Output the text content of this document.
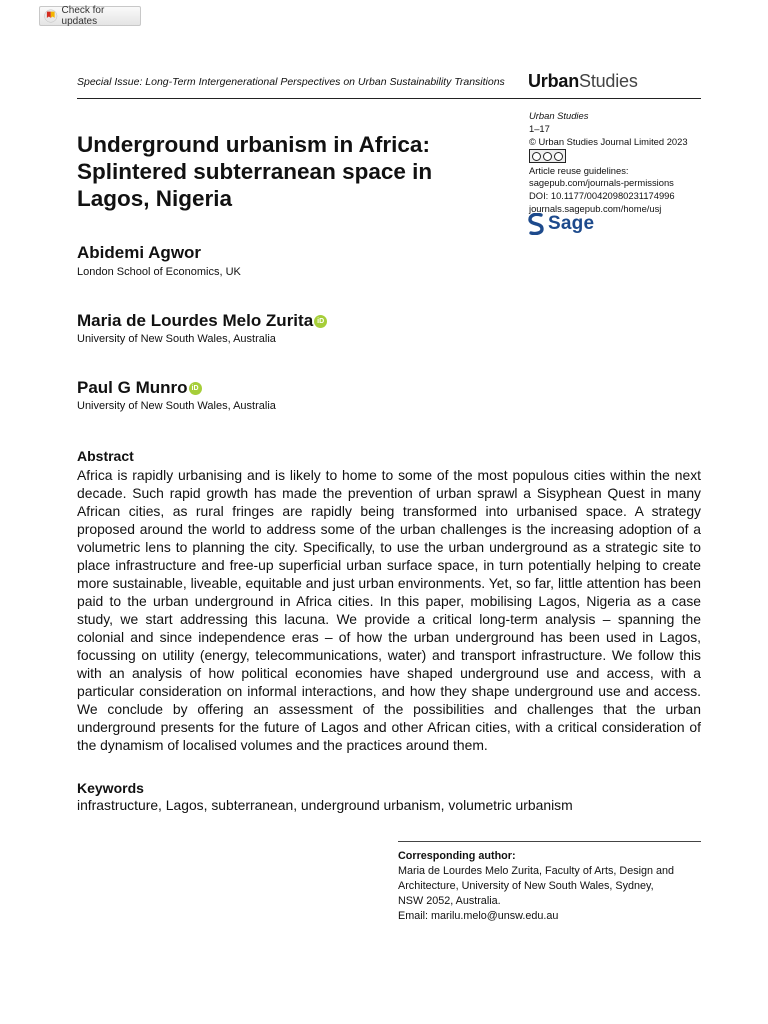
Check for updates
Special Issue: Long-Term Intergenerational Perspectives on Urban Sustainability Transitions	UrbanStudies
Urban Studies
1–17
© Urban Studies Journal Limited 2023
Article reuse guidelines:
sagepub.com/journals-permissions
DOI: 10.1177/00420980231174996
journals.sagepub.com/home/usj
Sage
Underground urbanism in Africa:
Splintered subterranean space in
Lagos, Nigeria
Abidemi Agwor
London School of Economics, UK
Maria de Lourdes Melo Zurita iD
University of New South Wales, Australia
Paul G Munro iD
University of New South Wales, Australia
Abstract

Africa is rapidly urbanising and is likely to home to some of the most populous cities within the next decade. Such rapid growth has made the prevention of urban sprawl a Sisyphean Quest in many African cities, as rural fringes are rapidly being transformed into urbanised space. A strategy proposed around the world to address some of the urban challenges is the increasing adoption of a volumetric lens to planning the city. Specifically, to use the urban underground as a strategic site to place infrastructure and free-up superficial urban surface space, in turn potentially helping to create more sustainable, liveable, equitable and just urban environments. Yet, so far, little attention has been paid to the urban underground in Africa cities. In this paper, mobilising Lagos, Nigeria as a case study, we start addressing this lacuna. We provide a critical long-term analysis – spanning the colonial and since independence eras – of how the urban underground has been used in Lagos, focussing on utility (energy, telecommunications, water) and transport infrastructure. We follow this with an analysis of how political economies have shaped underground use and access, with a particular consideration on informal interactions, and how they shape underground use and access. We conclude by offering an assessment of the possibilities and challenges that the urban underground presents for the future of Lagos and other African cities, with a critical consideration of the dynamism of localised volumes and the practices around them.

Keywords
infrastructure, Lagos, subterranean, underground urbanism, volumetric urbanism
Corresponding author:
Maria de Lourdes Melo Zurita, Faculty of Arts, Design and
Architecture, University of New South Wales, Sydney,
NSW 2052, Australia.
Email: marilu.melo@unsw.edu.au
